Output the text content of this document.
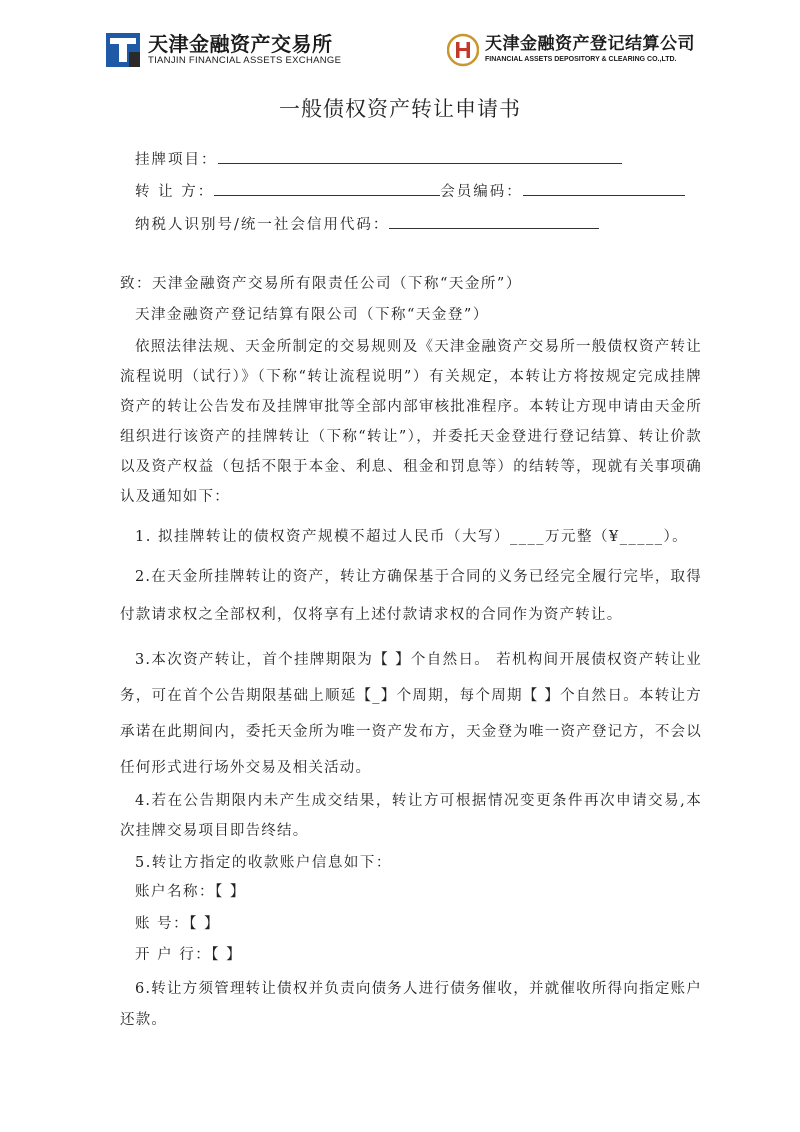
天津金融资产交易所
TIANJIN FINANCIAL ASSETS EXCHANGE
天津金融资产登记结算公司
FINANCIAL ASSETS DEPOSITORY & CLEARING CO.,LTD.
一般债权资产转让申请书
挂牌项目：
转 让 方：	会员编码：
纳税人识别号/统一社会信用代码：
致：天津金融资产交易所有限责任公司（下称“天金所”）
天津金融资产登记结算有限公司（下称“天金登”）
依照法律法规、天金所制定的交易规则及《天津金融资产交易所一般债权资产转让流程说明（试行）》（下称“转让流程说明”）有关规定，本转让方将按规定完成挂牌资产的转让公告发布及挂牌审批等全部内部审核批准程序。本转让方现申请由天金所组织进行该资产的挂牌转让（下称“转让”），并委托天金登进行登记结算、转让价款以及资产权益（包括不限于本金、利息、租金和罚息等）的结转等，现就有关事项确认及通知如下：
1. 拟挂牌转让的债权资产规模不超过人民币（大写）____万元整（¥_____）。
2.在天金所挂牌转让的资产，转让方确保基于合同的义务已经完全履行完毕，取得付款请求权之全部权利，仅将享有上述付款请求权的合同作为资产转让。
3.本次资产转让，首个挂牌期限为【 】个自然日。 若机构间开展债权资产转让业务，可在首个公告期限基础上顺延【_】个周期，每个周期【 】个自然日。本转让方承诺在此期间内，委托天金所为唯一资产发布方，天金登为唯一资产登记方，不会以任何形式进行场外交易及相关活动。
4.若在公告期限内未产生成交结果，转让方可根据情况变更条件再次申请交易,本次挂牌交易项目即告终结。
5.转让方指定的收款账户信息如下：
账户名称：【 】
账 号：【 】
开 户 行：【 】
6.转让方须管理转让债权并负责向债务人进行债务催收，并就催收所得向指定账户还款。
